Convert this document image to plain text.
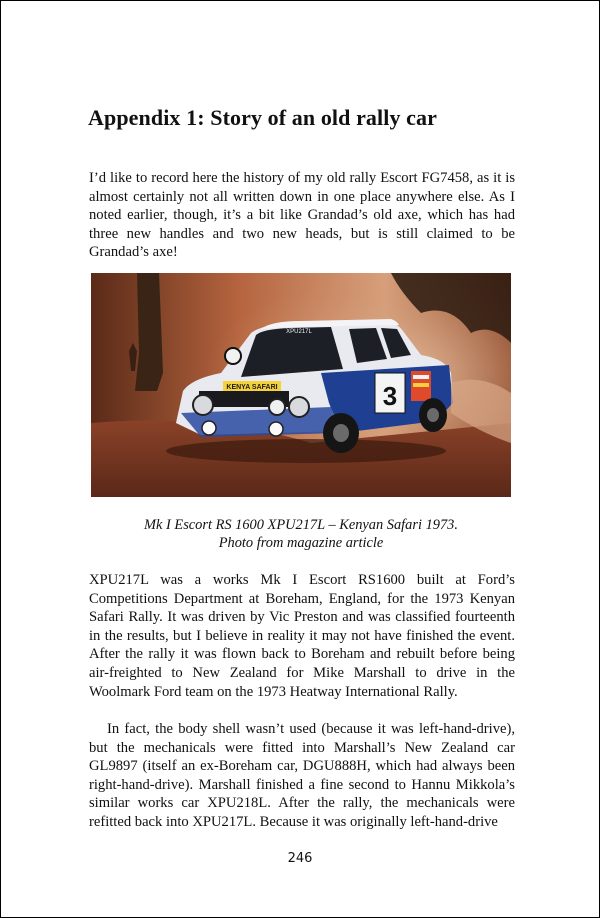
Appendix 1: Story of an old rally car
I’d like to record here the history of my old rally Escort FG7458, as it is almost certainly not all written down in one place anywhere else. As I noted earlier, though, it’s a bit like Grandad’s old axe, which has had three new handles and two new heads, but is still claimed to be Grandad’s axe!
KENYA SAFARI
XPU217L
3
Mk I Escort RS 1600 XPU217L – Kenyan Safari 1973.
Photo from magazine article
XPU217L was a works Mk I Escort RS1600 built at Ford’s Competitions Department at Boreham, England, for the 1973 Kenyan Safari Rally. It was driven by Vic Preston and was classified fourteenth in the results, but I believe in reality it may not have finished the event. After the rally it was flown back to Boreham and rebuilt before being air-freighted to New Zealand for Mike Marshall to drive in the Woolmark Ford team on the 1973 Heatway International Rally.
In fact, the body shell wasn’t used (because it was left-hand-drive), but the mechanicals were fitted into Marshall’s New Zealand car GL9897 (itself an ex-Boreham car, DGU888H, which had always been right-hand-drive). Marshall finished a fine second to Hannu Mikkola’s similar works car XPU218L. After the rally, the mechanicals were refitted back into XPU217L. Because it was originally left-hand-drive
246
